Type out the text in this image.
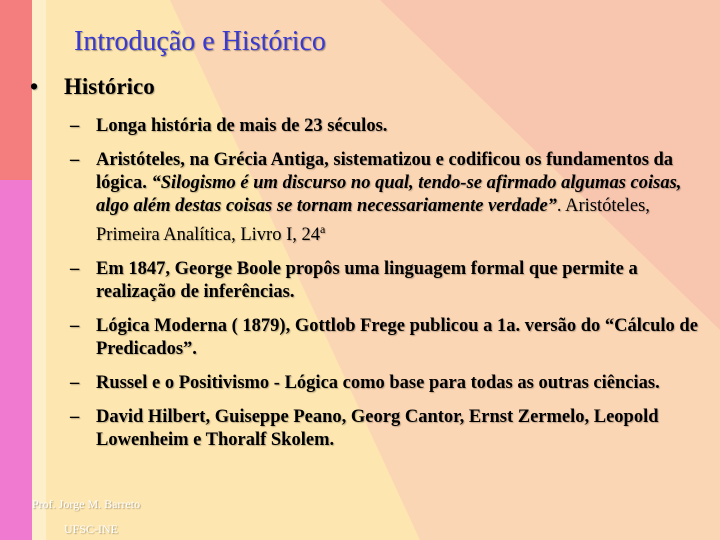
Introdução e Histórico
• Histórico
– Longa história de mais de 23 séculos.
– Aristóteles, na Grécia Antiga, sistematizou e codificou os fundamentos da lógica. “Silogismo é um discurso no qual, tendo-se afirmado algumas coisas, algo além destas coisas se tornam necessariamente verdade”. Aristóteles, Primeira Analítica, Livro I, 24$^a$
– Em 1847, George Boole propôs uma linguagem formal que permite a realização de inferências.
– Lógica Moderna ( 1879), Gottlob Frege publicou a 1a. versão do “Cálculo de Predicados”.
– Russel e o Positivismo - Lógica como base para todas as outras ciências.
– David Hilbert, Guiseppe Peano, Georg Cantor, Ernst Zermelo, Leopold Lowenheim e Thoralf Skolem.
Prof. Jorge M. Barreto
UFSC-INE
